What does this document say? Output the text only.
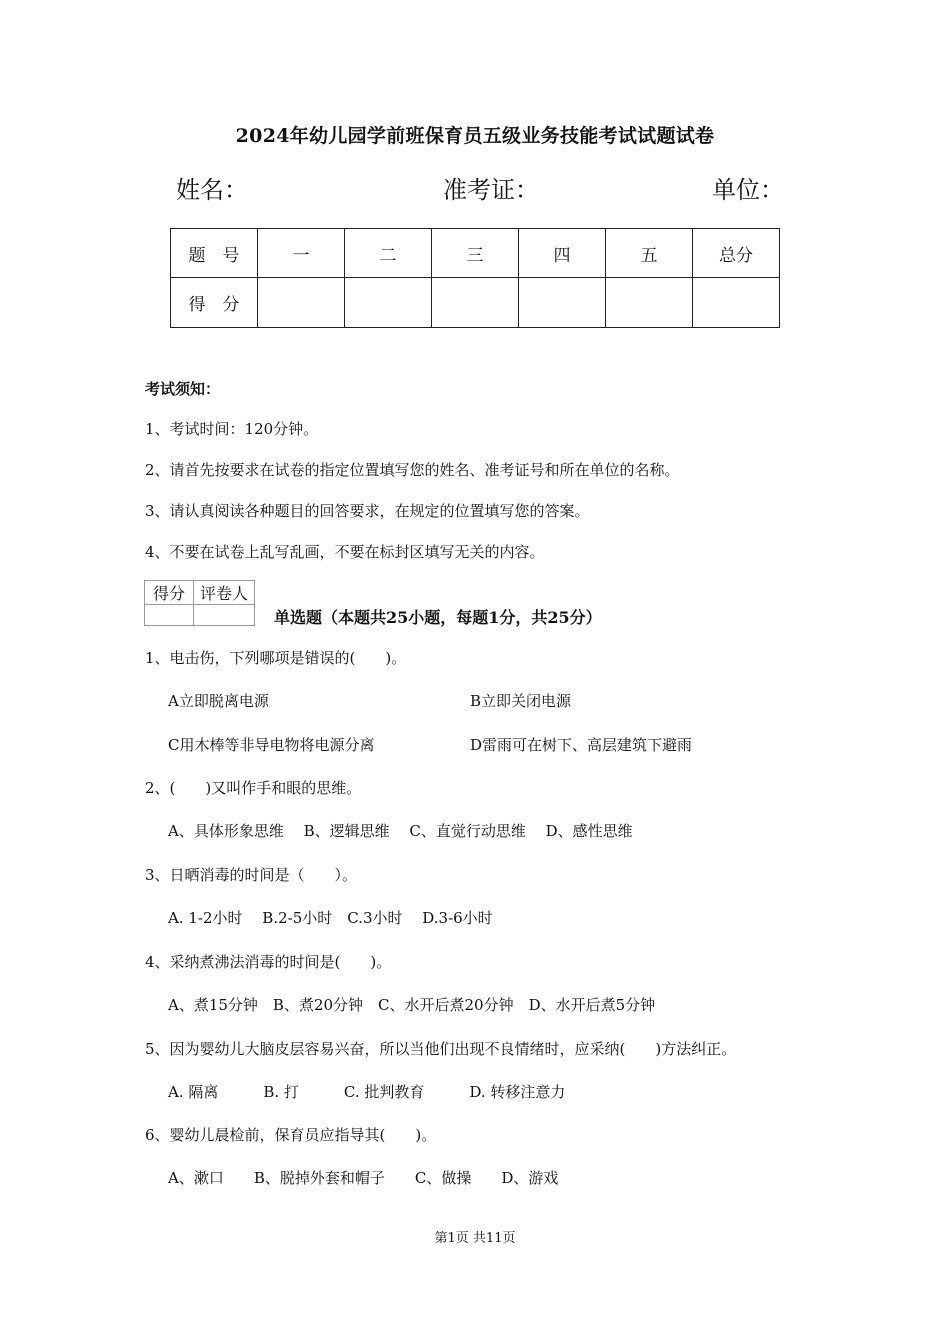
2024年幼儿园学前班保育员五级业务技能考试试题试卷
姓名：	准考证：	单位：
题　号	一	二	三	四	五	总分
得　分						
考试须知：
1、考试时间：120分钟。
2、请首先按要求在试卷的指定位置填写您的姓名、准考证号和所在单位的名称。
3、请认真阅读各种题目的回答要求，在规定的位置填写您的答案。
4、不要在试卷上乱写乱画，不要在标封区填写无关的内容。
得分	评卷人

单选题（本题共25小题，每题1分，共25分）
1、电击伤，下列哪项是错误的(　　)。
A立即脱离电源	B立即关闭电源
C用木棒等非导电物将电源分离	D雷雨可在树下、高层建筑下避雨
2、(　　)又叫作手和眼的思维。
A、具体形象思维　 B、逻辑思维　 C、直觉行动思维　 D、感性思维
3、日晒消毒的时间是（　　）。
A. 1-2小时　 B.2-5小时　C.3小时　 D.3-6小时
4、采纳煮沸法消毒的时间是(　　)。
A、煮15分钟　B、煮20分钟　C、水开后煮20分钟　D、水开后煮5分钟
5、因为婴幼儿大脑皮层容易兴奋，所以当他们出现不良情绪时，应采纳(　　)方法纠正。
A. 隔离　　　B. 打　　　C. 批判教育　　　D. 转移注意力
6、婴幼儿晨检前，保育员应指导其(　　)。
A、漱口　　B、脱掉外套和帽子　　C、做操　　D、游戏
第1页 共11页
